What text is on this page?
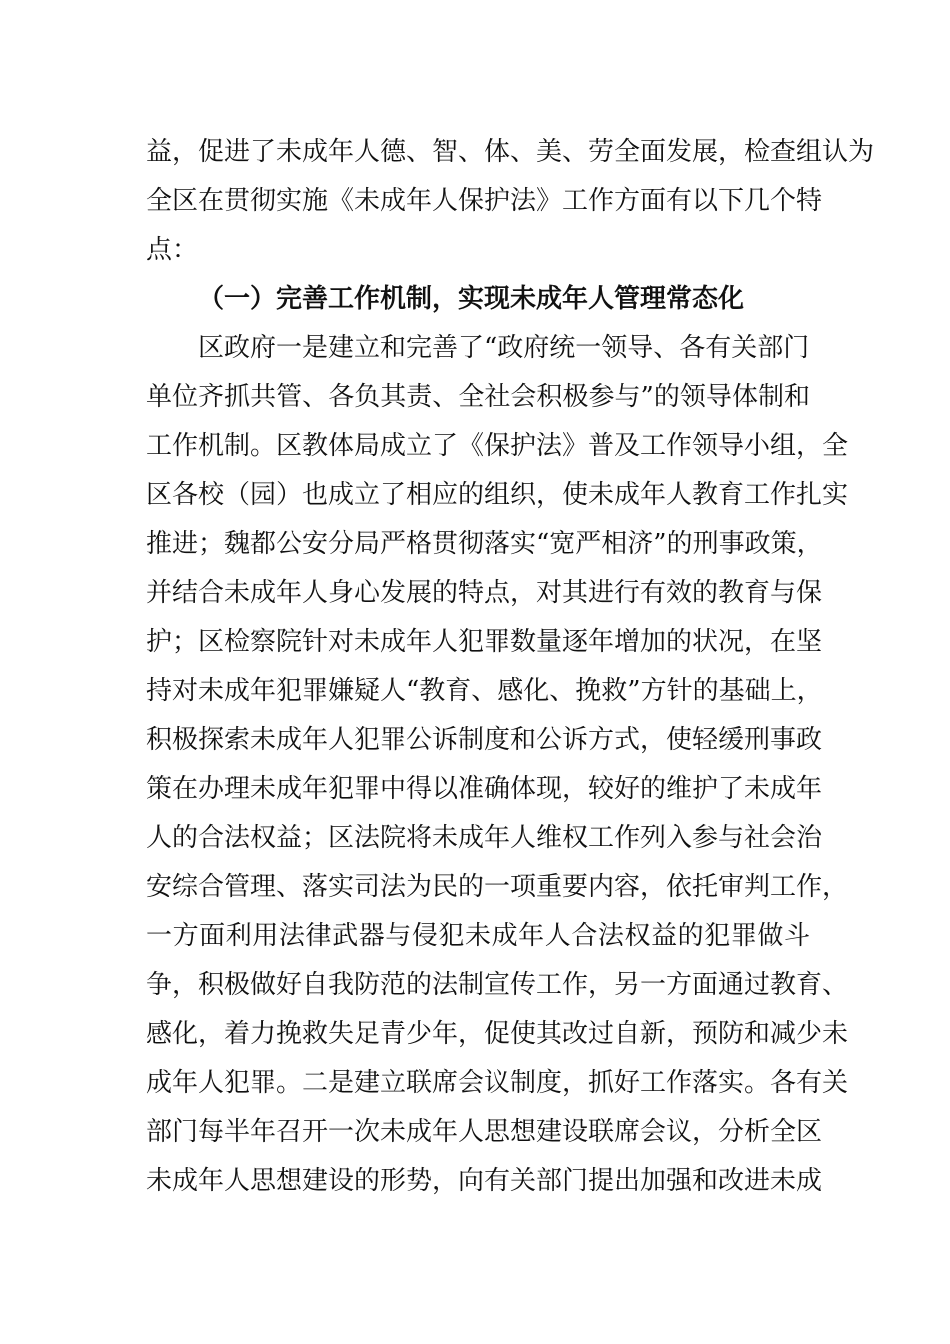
益，促进了未成年人德、智、体、美、劳全面发展，检查组认为
全区在贯彻实施《未成年人保护法》工作方面有以下几个特
点：
（一）完善工作机制，实现未成年人管理常态化
区政府一是建立和完善了“政府统一领导、各有关部门
单位齐抓共管、各负其责、全社会积极参与”的领导体制和
工作机制。区教体局成立了《保护法》普及工作领导小组，全
区各校（园）也成立了相应的组织，使未成年人教育工作扎实
推进；魏都公安分局严格贯彻落实“宽严相济”的刑事政策，
并结合未成年人身心发展的特点，对其进行有效的教育与保
护；区检察院针对未成年人犯罪数量逐年增加的状况，在坚
持对未成年犯罪嫌疑人“教育、感化、挽救”方针的基础上，
积极探索未成年人犯罪公诉制度和公诉方式，使轻缓刑事政
策在办理未成年犯罪中得以准确体现，较好的维护了未成年
人的合法权益；区法院将未成年人维权工作列入参与社会治
安综合管理、落实司法为民的一项重要内容，依托审判工作，
一方面利用法律武器与侵犯未成年人合法权益的犯罪做斗
争，积极做好自我防范的法制宣传工作，另一方面通过教育、
感化，着力挽救失足青少年，促使其改过自新，预防和减少未
成年人犯罪。二是建立联席会议制度，抓好工作落实。各有关
部门每半年召开一次未成年人思想建设联席会议，分析全区
未成年人思想建设的形势，向有关部门提出加强和改进未成
